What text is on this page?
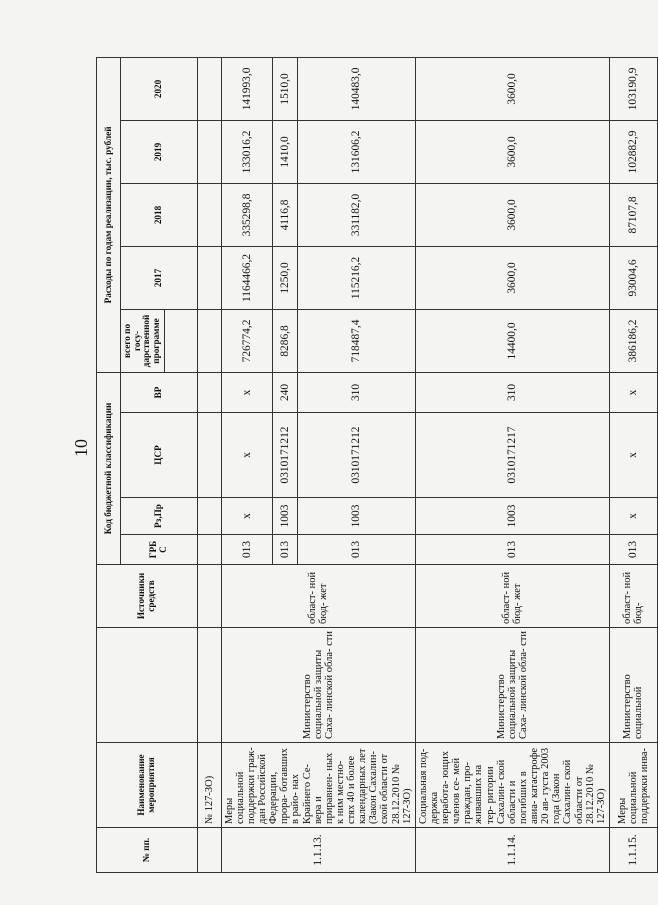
10
№ пп.	Наименование мероприятия		Источники средств	Код бюджетной классификации				Расходы по годам реализации, тыс. рублей				
				ГРБ С	Рз,Пр	ЦСР	ВР	всего по госу- дарственной программе	2017	2018	2019	2020

	№ 127-ЗО)											
1.1.13.	Меры социальной поддержки граж- дан Российской Федерации, прора- ботавших в райо- нах Крайнего Се- вера и приравнен- ных к ним местно- стях 40 и более календарных лет (Закон Сахалин- ской области от 28.12.2010 № 127-ЗО)	Министерство социальной защиты Саха- линской обла- сти	област- ной бюд- жет	013	х	х	х	726774,2	1164466,2	335298,8	133016,2	141993,0
				013	1003	0310171212	240	8286,8	1250,0	4116,8	1410,0	1510,0
				013	1003	0310171212	310	718487,4	115216,2	331182,0	131606,2	140483,0
1.1.14.	Социальная под- держка неработа- ющих членов се- мей граждан, про- живавших на тер- ритории Сахалин- ской области и погибших в авиа- катастрофе 20 ав- густа 2003 года (Закон Сахалин- ской области от 28.12.2010 № 127-ЗО)	Министерство социальной защиты Саха- линской обла- сти	област- ной бюд- жет	013	1003	0310171217	310	14400,0	3600,0	3600,0	3600,0	3600,0
1.1.15.	Меры социальной поддержки инва-	Министерство социальной	област- ной бюд-	013	х	х	х	386186,2	93004,6	87107,8	102882,9	103190,9
